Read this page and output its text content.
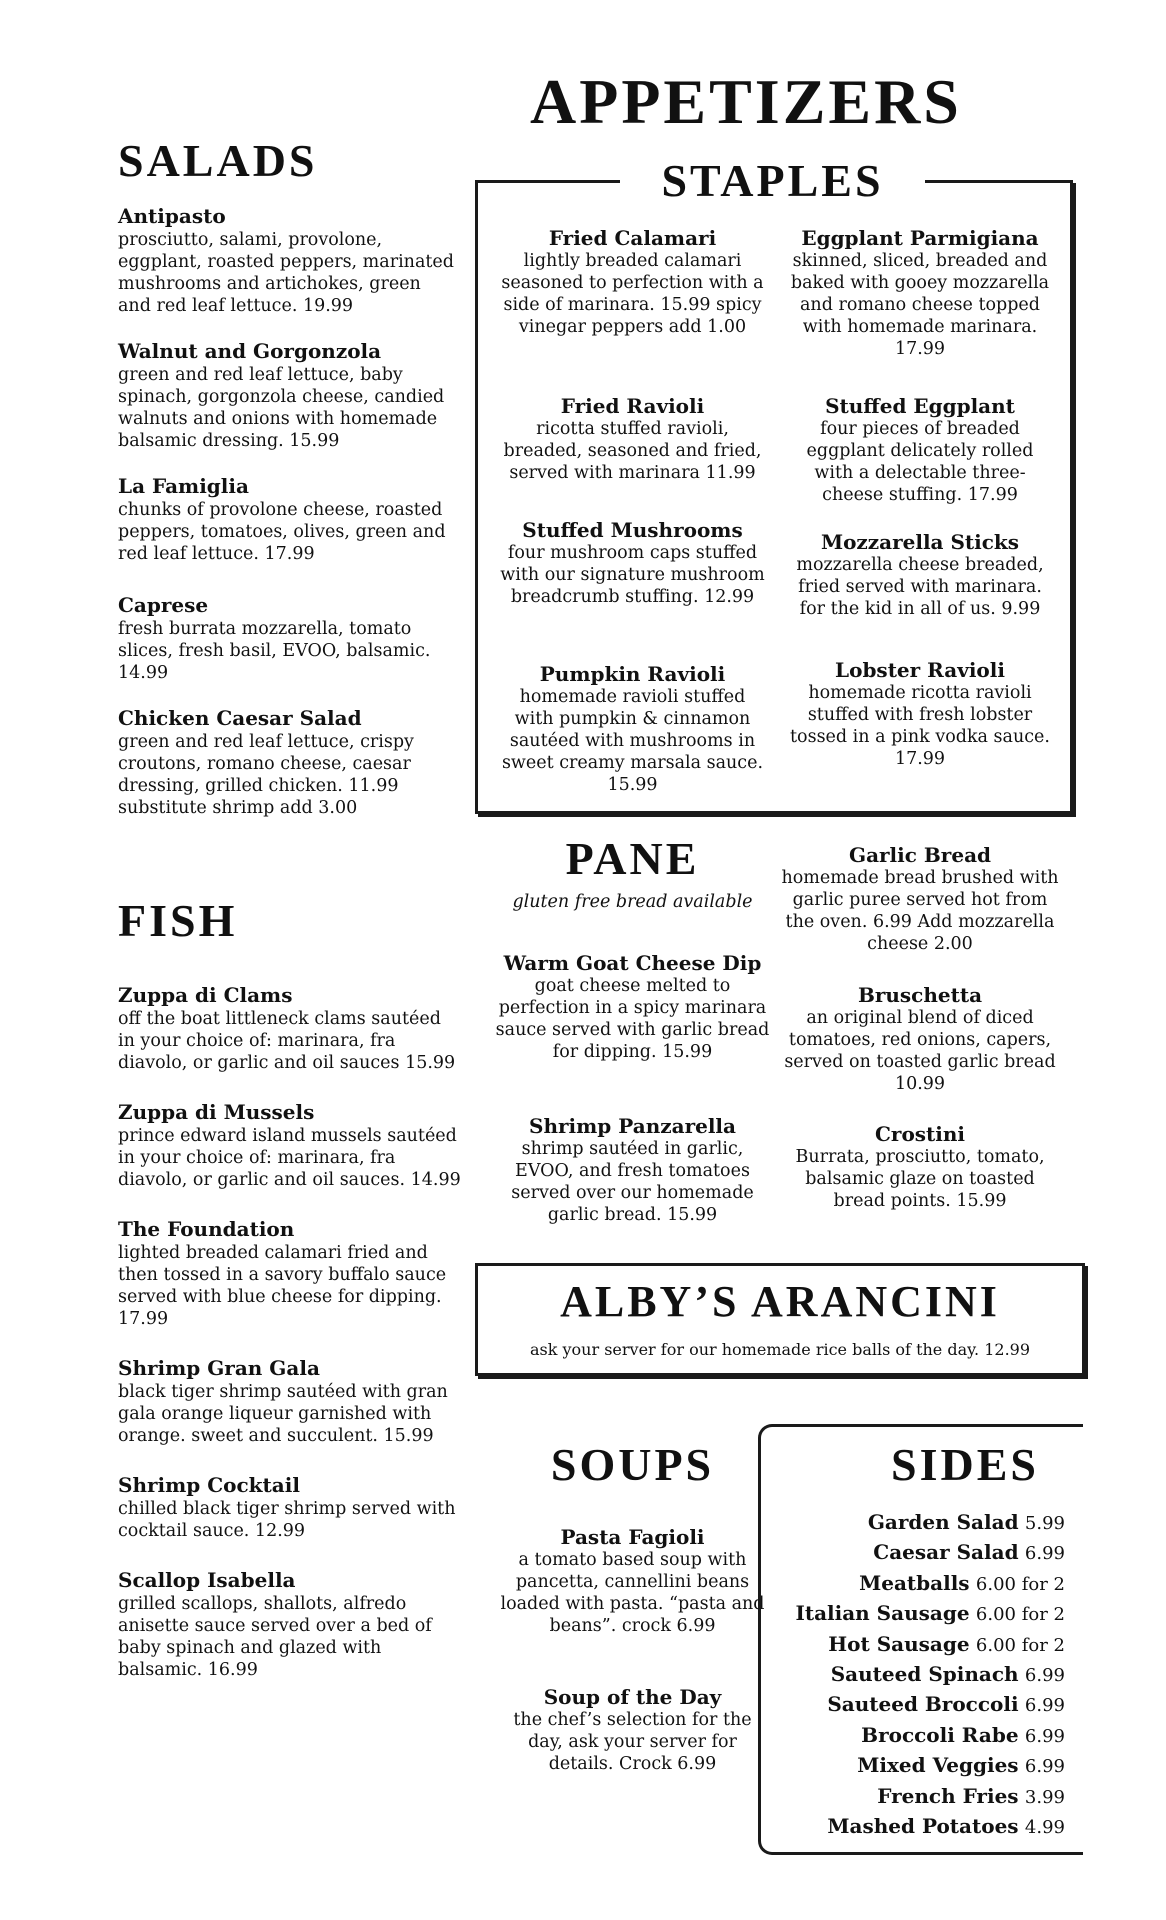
APPETIZERS
SALADS

Antipasto

prosciutto, salami, provolone, eggplant, roasted peppers, marinated mushrooms and artichokes, green and red leaf lettuce. 19.99

Walnut and Gorgonzola

green and red leaf lettuce, baby spinach, gorgonzola cheese, candied walnuts and onions with homemade balsamic dressing. 15.99

La Famiglia

chunks of provolone cheese, roasted peppers, tomatoes, olives, green and red leaf lettuce. 17.99

Caprese

fresh burrata mozzarella, tomato slices, fresh basil, EVOO, balsamic. 14.99

Chicken Caesar Salad

green and red leaf lettuce, crispy croutons, romano cheese, caesar dressing, grilled chicken. 11.99 substitute shrimp add 3.00

FISH

Zuppa di Clams

off the boat littleneck clams sautéed in your choice of: marinara, fra diavolo, or garlic and oil sauces 15.99

Zuppa di Mussels

prince edward island mussels sautéed in your choice of: marinara, fra diavolo, or garlic and oil sauces. 14.99

The Foundation

lighted breaded calamari fried and then tossed in a savory buffalo sauce served with blue cheese for dipping. 17.99

Shrimp Gran Gala

black tiger shrimp sautéed with gran gala orange liqueur garnished with orange. sweet and succulent. 15.99

Shrimp Cocktail

chilled black tiger shrimp served with cocktail sauce. 12.99

Scallop Isabella

grilled scallops, shallots, alfredo anisette sauce served over a bed of baby spinach and glazed with balsamic. 16.99

STAPLES

Fried Calamari

lightly breaded calamari seasoned to perfection with a side of marinara. 15.99 spicy vinegar peppers add 1.00

Fried Ravioli

ricotta stuffed ravioli, breaded, seasoned and fried, served with marinara 11.99

Stuffed Mushrooms

four mushroom caps stuffed with our signature mushroom breadcrumb stuffing. 12.99

Pumpkin Ravioli

homemade ravioli stuffed with pumpkin & cinnamon sautéed with mushrooms in sweet creamy marsala sauce. 15.99

Eggplant Parmigiana

skinned, sliced, breaded and baked with gooey mozzarella and romano cheese topped with homemade marinara. 17.99

Stuffed Eggplant

four pieces of breaded eggplant delicately rolled with a delectable three-cheese stuffing. 17.99

Mozzarella Sticks

mozzarella cheese breaded, fried served with marinara. for the kid in all of us. 9.99

Lobster Ravioli

homemade ricotta ravioli stuffed with fresh lobster tossed in a pink vodka sauce. 17.99

PANE

gluten free bread available

Warm Goat Cheese Dip

goat cheese melted to perfection in a spicy marinara sauce served with garlic bread for dipping. 15.99

Shrimp Panzarella

shrimp sautéed in garlic, EVOO, and fresh tomatoes served over our homemade garlic bread. 15.99

Garlic Bread

homemade bread brushed with garlic puree served hot from the oven. 6.99 Add mozzarella cheese 2.00

Bruschetta

an original blend of diced tomatoes, red onions, capers, served on toasted garlic bread 10.99

Crostini

Burrata, prosciutto, tomato, balsamic glaze on toasted bread points. 15.99

ALBY’S ARANCINI

ask your server for our homemade rice balls of the day. 12.99

SOUPS

Pasta Fagioli

a tomato based soup with pancetta, cannellini beans loaded with pasta. “pasta and beans”. crock 6.99

Soup of the Day

the chef’s selection for the day, ask your server for details. Crock 6.99

SIDES
Garden Salad 5.99
Caesar Salad 6.99
Meatballs 6.00 for 2
Italian Sausage 6.00 for 2
Hot Sausage 6.00 for 2
Sauteed Spinach 6.99
Sauteed Broccoli 6.99
Broccoli Rabe 6.99
Mixed Veggies 6.99
French Fries 3.99
Mashed Potatoes 4.99
